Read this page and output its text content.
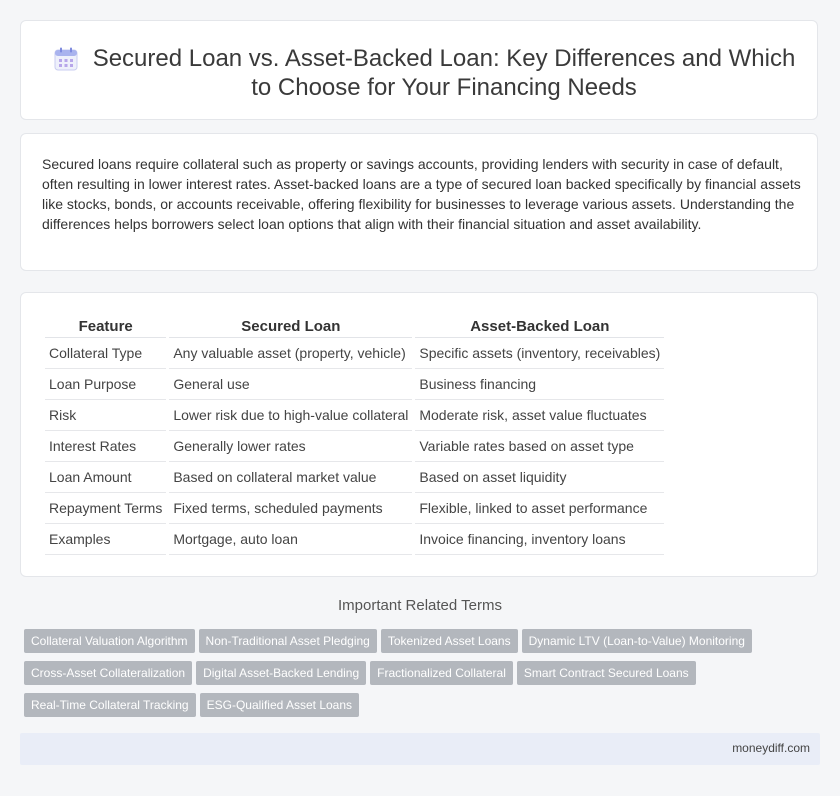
Secured Loan vs. Asset-Backed Loan: Key Differences and Which to Choose for Your Financing Needs

Secured loans require collateral such as property or savings accounts, providing lenders with security in case of default, often resulting in lower interest rates. Asset-backed loans are a type of secured loan backed specifically by financial assets like stocks, bonds, or accounts receivable, offering flexibility for businesses to leverage various assets. Understanding the differences helps borrowers select loan options that align with their financial situation and asset availability.

Feature	Secured Loan	Asset-Backed Loan
Collateral Type	Any valuable asset (property, vehicle)	Specific assets (inventory, receivables)
Loan Purpose	General use	Business financing
Risk	Lower risk due to high-value collateral	Moderate risk, asset value fluctuates
Interest Rates	Generally lower rates	Variable rates based on asset type
Loan Amount	Based on collateral market value	Based on asset liquidity
Repayment Terms	Fixed terms, scheduled payments	Flexible, linked to asset performance
Examples	Mortgage, auto loan	Invoice financing, inventory loans
Important Related Terms
Collateral Valuation Algorithm Non-Traditional Asset Pledging Tokenized Asset Loans Dynamic LTV (Loan-to-Value) MonitoringCross-Asset Collateralization Digital Asset-Backed Lending Fractionalized Collateral Smart Contract Secured LoansReal-Time Collateral Tracking ESG-Qualified Asset Loans
moneydiff.com
